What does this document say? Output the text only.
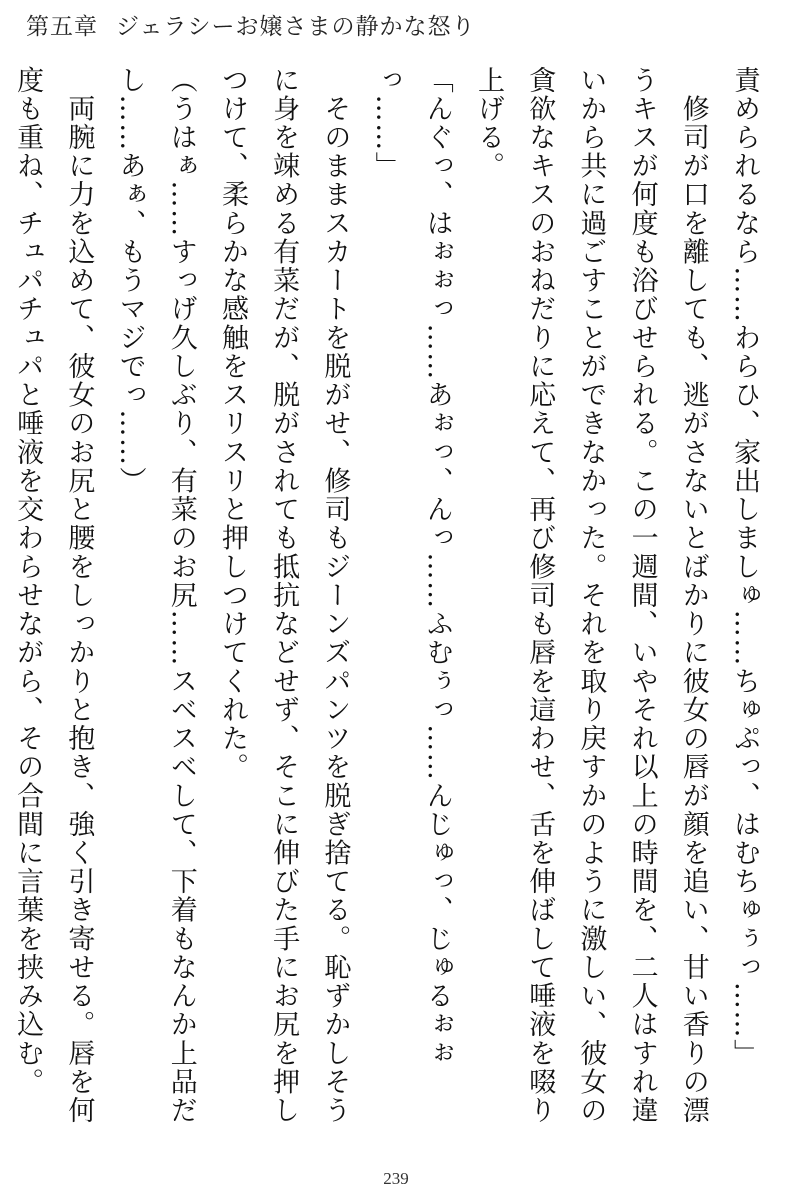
第五章 ジェラシーお嬢さまの静かな怒り

責められるなら……わらひ、家出しましゅ……ちゅぷっ、はむちゅぅっ……」

　修司が口を離しても、逃がさないとばかりに彼女の唇が顔を追い、甘い香りの漂うキスが何度も浴びせられる。この一週間、いやそれ以上の時間を、二人はすれ違いから共に過ごすことができなかった。それを取り戻すかのように激しい、彼女の貪欲なキスのおねだりに応えて、再び修司も唇を這わせ、舌を伸ばして唾液を啜り上げる。

「んぐっ、はぉぉっ……あぉっ、んっ……ふむぅっ……んじゅっ、じゅるぉぉっ……」

　そのままスカートを脱がせ、修司もジーンズパンツを脱ぎ捨てる。恥ずかしそうに身を竦める有菜だが、脱がされても抵抗などせず、そこに伸びた手にお尻を押しつけて、柔らかな感触をスリスリと押しつけてくれた。

（うはぁ……すっげ久しぶり、有菜のお尻……スベスベして、下着もなんか上品だし……あぁ、もうマジでっ……）

　両腕に力を込めて、彼女のお尻と腰をしっかりと抱き、強く引き寄せる。唇を何度も重ね、チュパチュパと唾液を交わらせながら、その合間に言葉を挟み込む。

239
